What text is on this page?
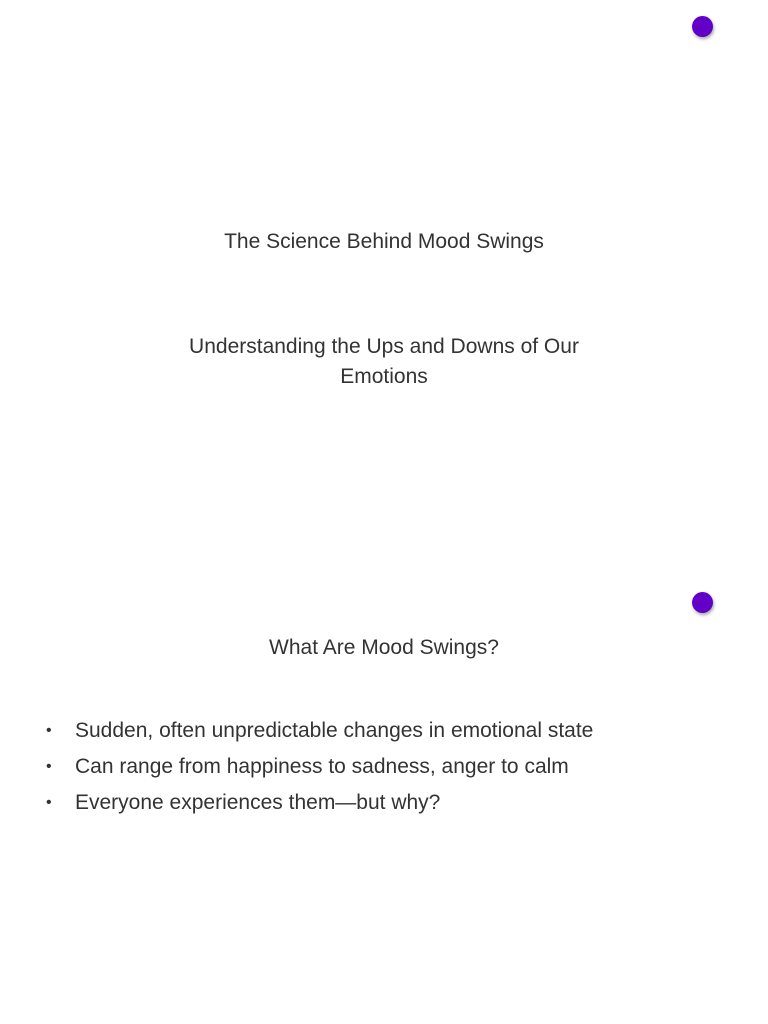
The Science Behind Mood Swings

Understanding the Ups and Downs of Our Emotions

What Are Mood Swings?
• Sudden, often unpredictable changes in emotional state
• Can range from happiness to sadness, anger to calm
• Everyone experiences them—but why?
